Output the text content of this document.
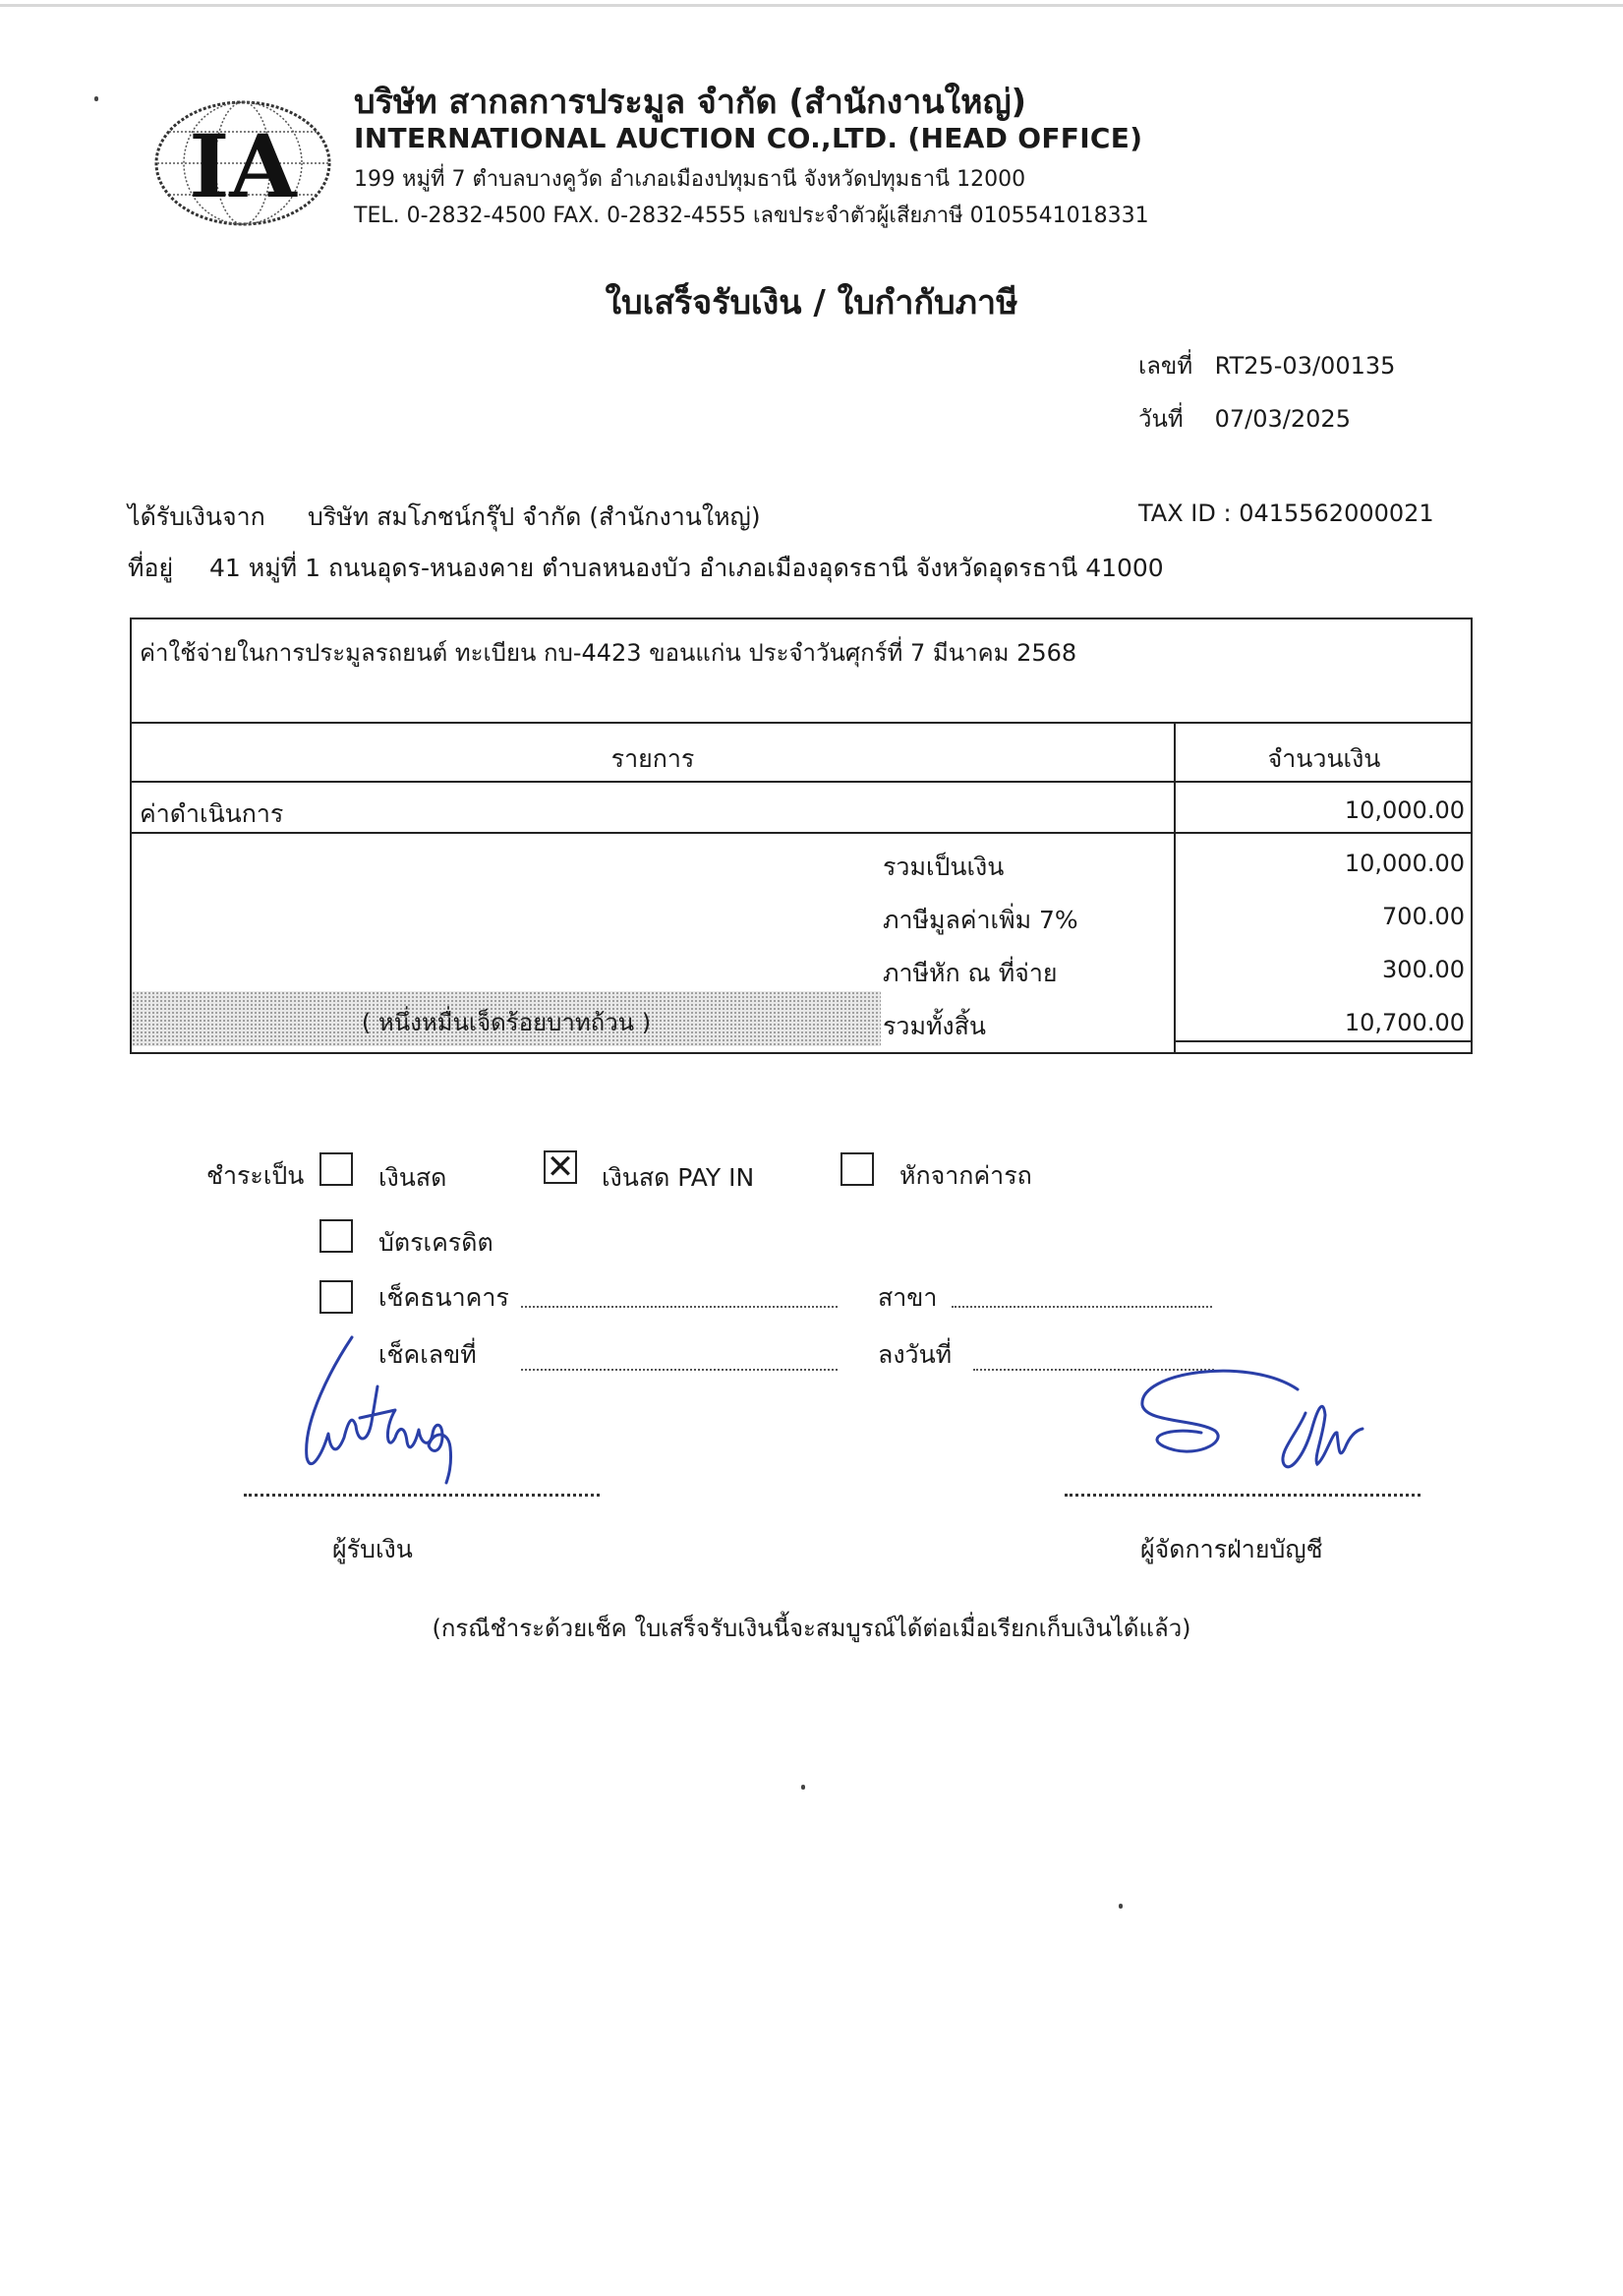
IA
บริษัท สากลการประมูล จำกัด (สำนักงานใหญ่)
INTERNATIONAL AUCTION CO.,LTD. (HEAD OFFICE)
199 หมู่ที่ 7 ตำบลบางคูวัด อำเภอเมืองปทุมธานี จังหวัดปทุมธานี 12000
TEL. 0-2832-4500 FAX. 0-2832-4555 เลขประจำตัวผู้เสียภาษี 0105541018331
ใบเสร็จรับเงิน / ใบกำกับภาษี
เลขที่ RT25-03/00135
วันที่ 07/03/2025
ได้รับเงินจาก บริษัท สมโภชน์กรุ๊ป จำกัด (สำนักงานใหญ่)	TAX ID : 0415562000021
ที่อยู่ 41 หมู่ที่ 1 ถนนอุดร-หนองคาย ตำบลหนองบัว อำเภอเมืองอุดรธานี จังหวัดอุดรธานี 41000
ค่าใช้จ่ายในการประมูลรถยนต์ ทะเบียน กบ-4423 ขอนแก่น ประจำวันศุกร์ที่ 7 มีนาคม 2568
รายการ	จำนวนเงิน
ค่าดำเนินการ	10,000.00
รวมเป็นเงิน	10,000.00
ภาษีมูลค่าเพิ่ม 7%	700.00
ภาษีหัก ณ ที่จ่าย	300.00
( หนึ่งหมื่นเจ็ดร้อยบาทถ้วน )	รวมทั้งสิ้น	10,700.00
ชำระเป็น	เงินสด	✕ เงินสด PAY IN	หักจากค่ารถ
บัตรเครดิต
เช็คธนาคาร	สาขา
เช็คเลขที่	ลงวันที่
ผู้รับเงิน	ผู้จัดการฝ่ายบัญชี
(กรณีชำระด้วยเช็ค ใบเสร็จรับเงินนี้จะสมบูรณ์ได้ต่อเมื่อเรียกเก็บเงินได้แล้ว)
